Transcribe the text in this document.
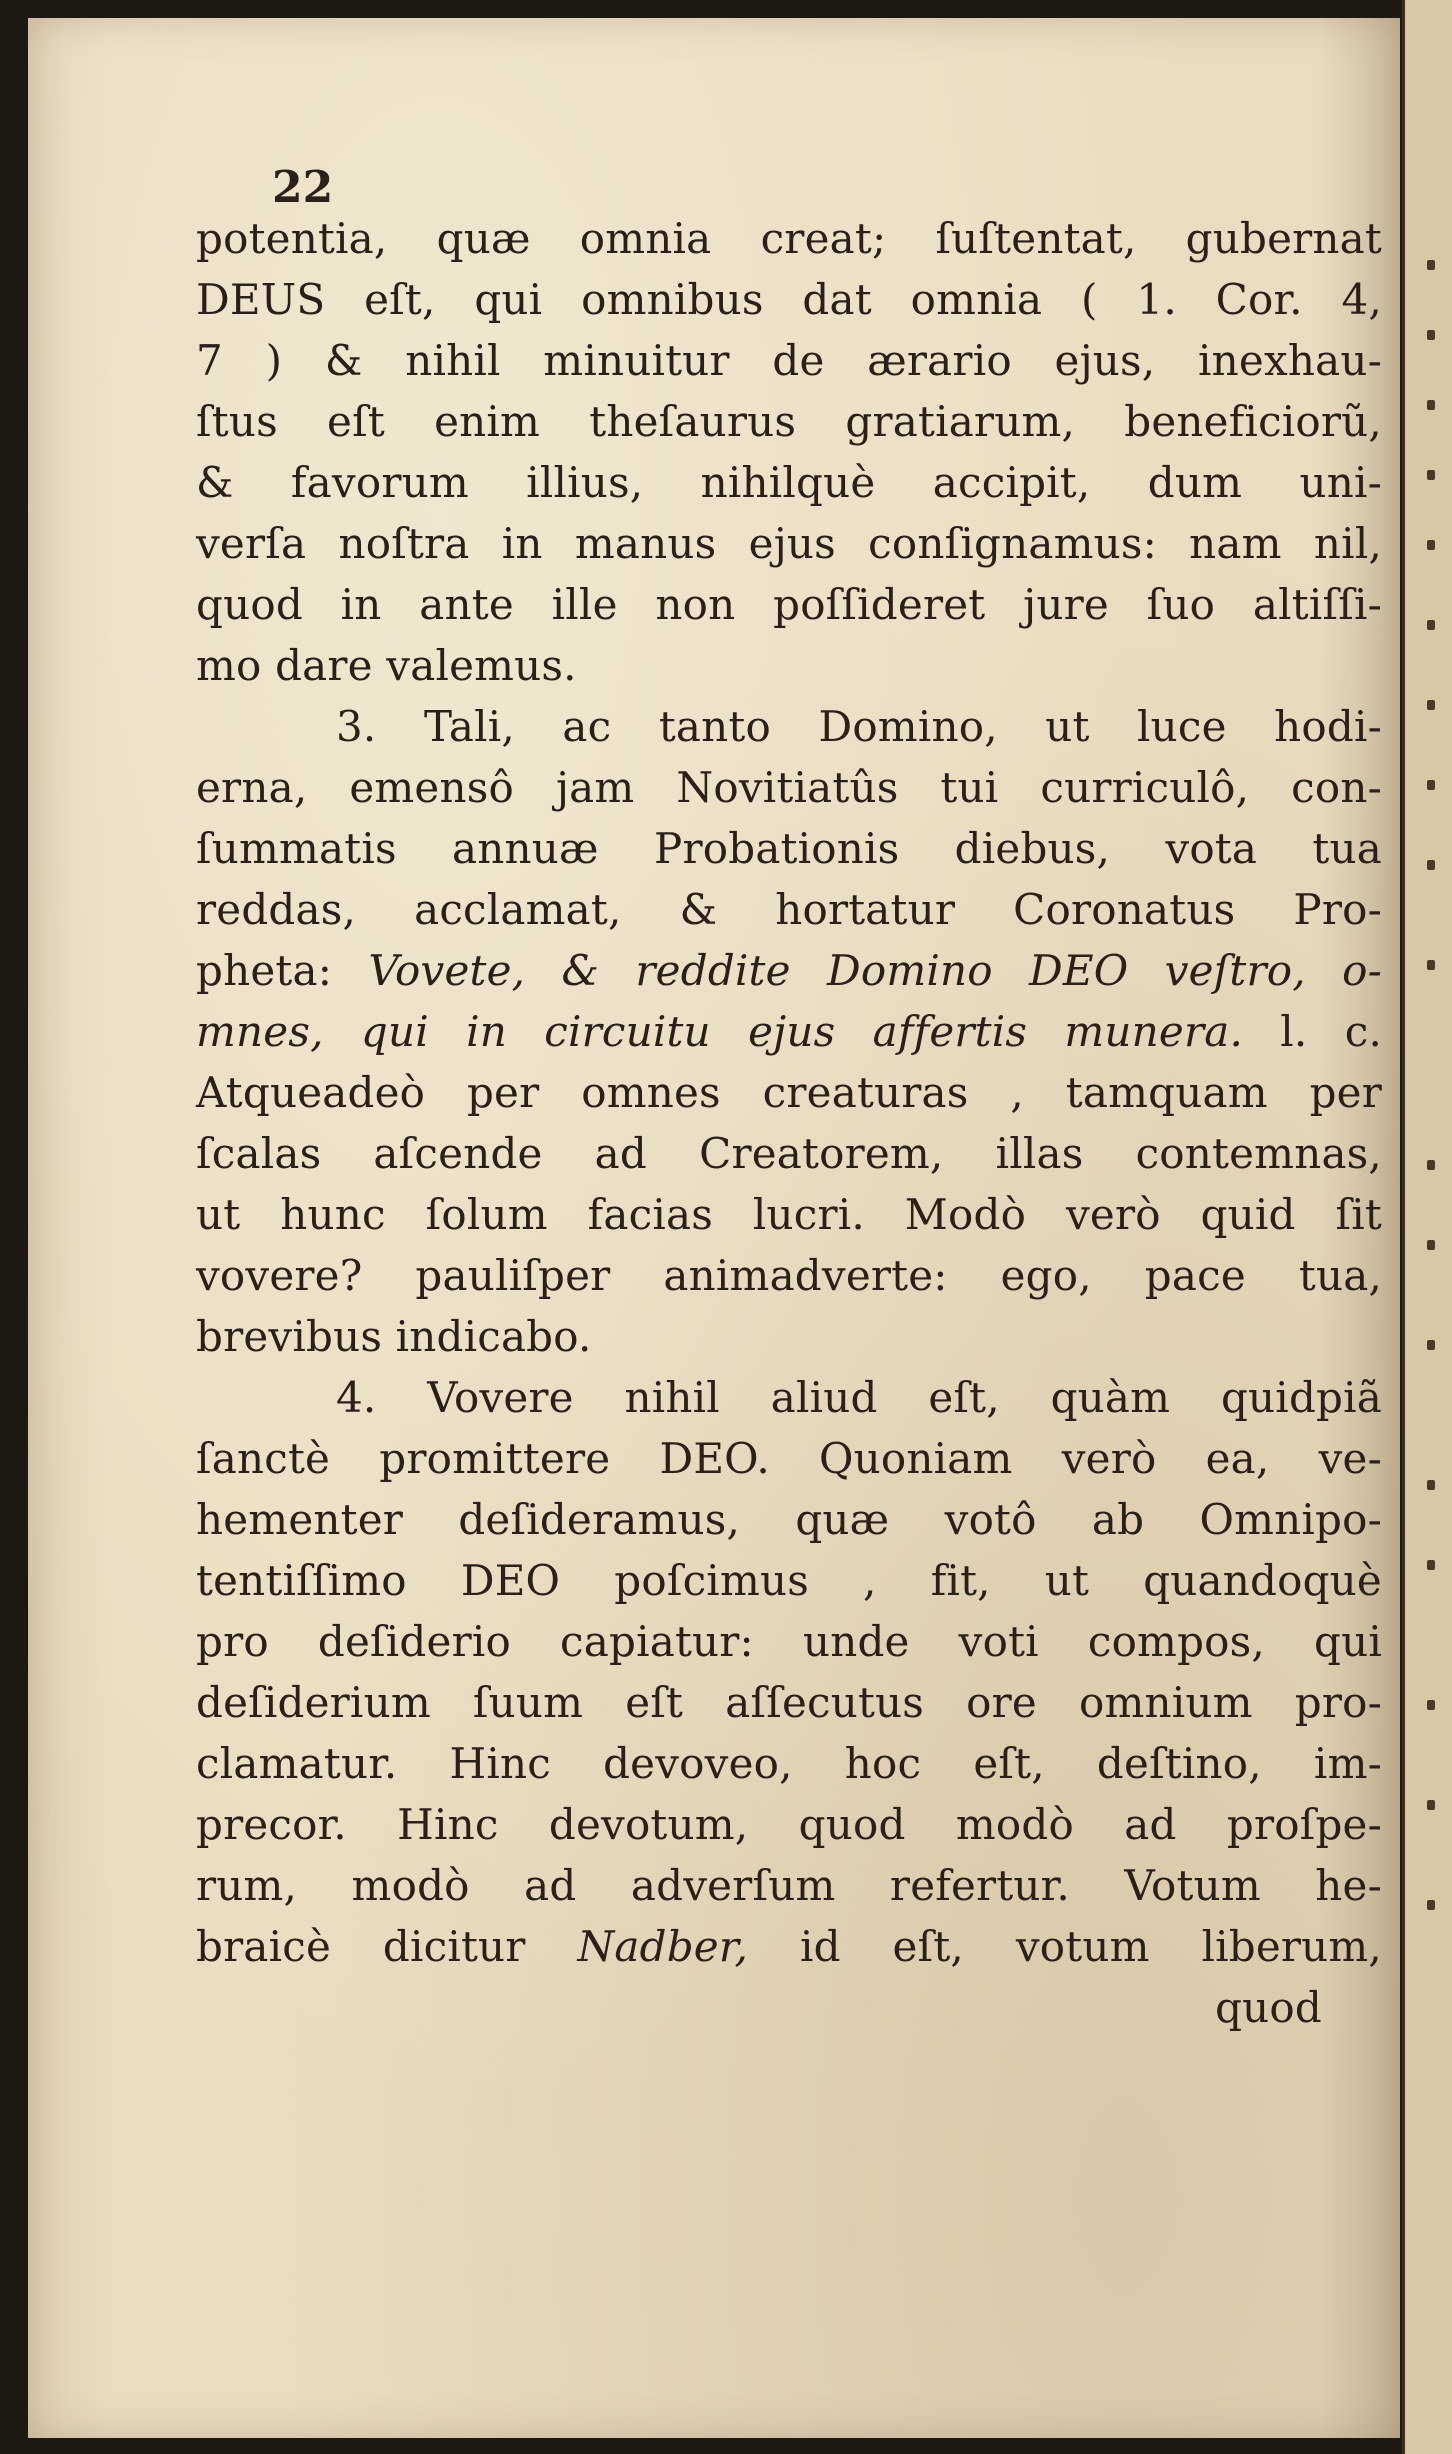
22
potentia, quæ omnia creat; ſuſtentat, gubernat
DEUS eſt, qui omnibus dat omnia ( 1. Cor. 4,
7 ) & nihil minuitur de ærario ejus, inexhau-
ſtus eſt enim theſaurus gratiarum, beneficiorũ,
& favorum illius, nihilquè accipit, dum uni-
verſa noſtra in manus ejus conſignamus: nam nil,
quod in ante ille non poſſideret jure ſuo altiſſi-
mo dare valemus.
3. Tali, ac tanto Domino, ut luce hodi-
erna, emensô jam Novitiatûs tui curriculô, con-
ſummatis annuæ Probationis diebus, vota tua
reddas, acclamat, & hortatur Coronatus Pro-
pheta: Vovete, & reddite Domino DEO veſtro, o-
mnes, qui in circuitu ejus affertis munera. l. c.
Atqueadeò per omnes creaturas , tamquam per
ſcalas aſcende ad Creatorem, illas contemnas,
ut hunc ſolum facias lucri. Modò verò quid ſit
vovere? pauliſper animadverte: ego, pace tua,
brevibus indicabo.
4. Vovere nihil aliud eſt, quàm quidpiã
ſanctè promittere DEO. Quoniam verò ea, ve-
hementer deſideramus, quæ votô ab Omnipo-
tentiſſimo DEO poſcimus , fit, ut quandoquè
pro deſiderio capiatur: unde voti compos, qui
deſiderium ſuum eſt aſſecutus ore omnium pro-
clamatur. Hinc devoveo, hoc eſt, deſtino, im-
precor. Hinc devotum, quod modò ad proſpe-
rum, modò ad adverſum refertur. Votum he-
braicè dicitur Nadber, id eſt, votum liberum,
quod
